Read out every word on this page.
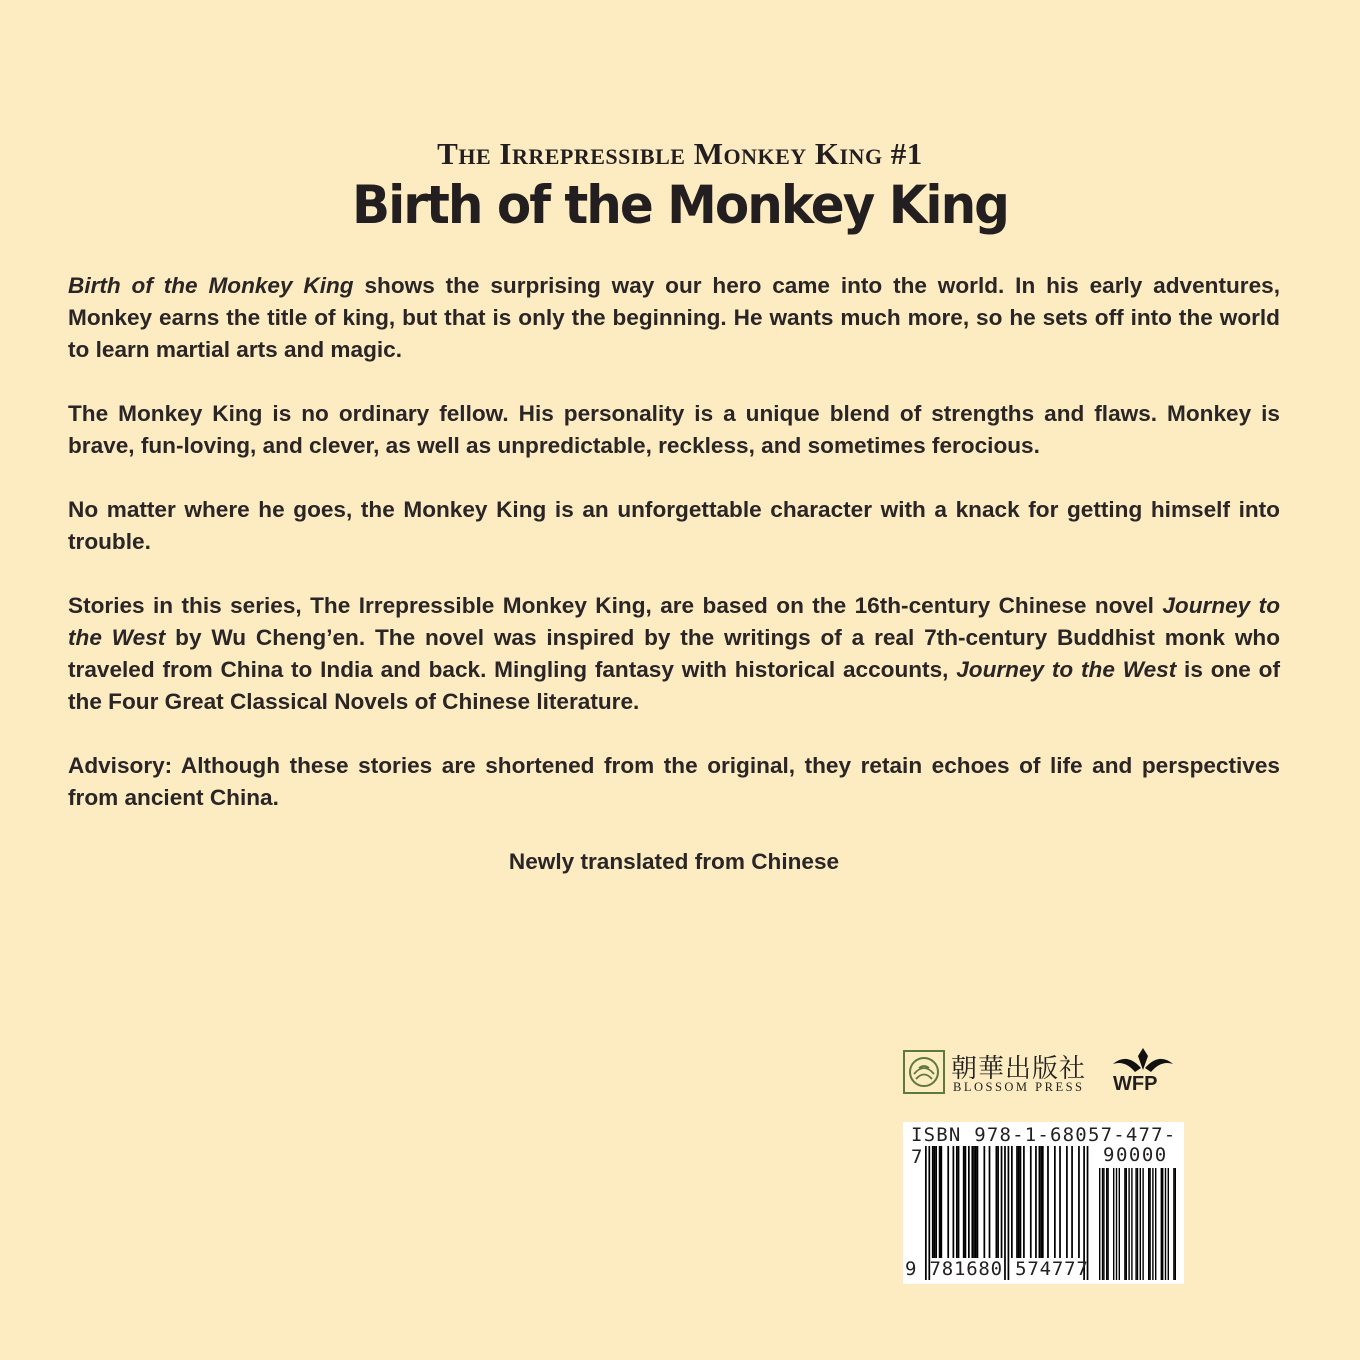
The Irrepressible Monkey King #1
Birth of the Monkey King

Birth of the Monkey King shows the surprising way our hero came into the world. In his early adventures, Monkey earns the title of king, but that is only the beginning. He wants much more, so he sets off into the world to learn martial arts and magic.

The Monkey King is no ordinary fellow. His personality is a unique blend of strengths and flaws. Monkey is brave, fun-loving, and clever, as well as unpredictable, reckless, and sometimes ferocious.

No matter where he goes, the Monkey King is an unforgettable character with a knack for getting himself into trouble.

Stories in this series, The Irrepressible Monkey King, are based on the 16th-century Chinese novel Journey to the West by Wu Cheng’en. The novel was inspired by the writings of a real 7th-century Buddhist monk who traveled from China to India and back. Mingling fantasy with historical accounts, Journey to the West is one of the Four Great Classical Novels of Chinese literature.

Advisory: Although these stories are shortened from the original, they retain echoes of life and perspectives from ancient China.

Newly translated from Chinese

朝華出版社
BLOSSOM PRESS WFP
ISBN 978-1-68057-477-7	90000
9 781680 574777
